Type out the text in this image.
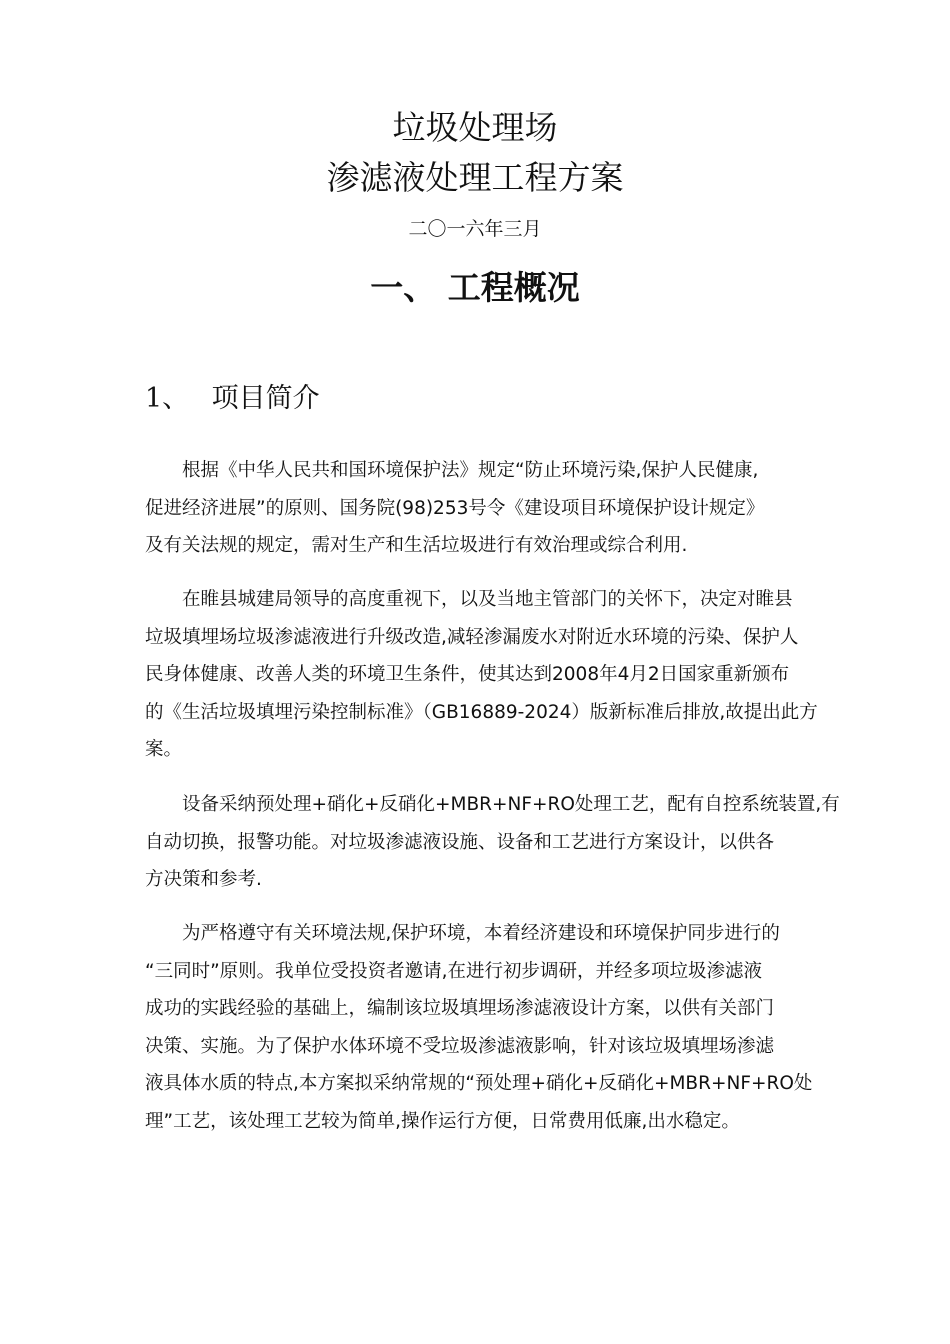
垃圾处理场
渗滤液处理工程方案
二〇一六年三月
一、 工程概况
1、 项目简介
根据《中华人民共和国环境保护法》规定“防止环境污染,保护人民健康,
促进经济进展”的原则、国务院(98)253号令《建设项目环境保护设计规定》
及有关法规的规定，需对生产和生活垃圾进行有效治理或综合利用.
在睢县城建局领导的高度重视下，以及当地主管部门的关怀下，决定对睢县
垃圾填埋场垃圾渗滤液进行升级改造,减轻渗漏废水对附近水环境的污染、保护人
民身体健康、改善人类的环境卫生条件，使其达到2008年4月2日国家重新颁布
的《生活垃圾填埋污染控制标准》（GB16889-2024）版新标准后排放,故提出此方
案。
设备采纳预处理+硝化+反硝化+MBR+NF+RO处理工艺，配有自控系统装置,有
自动切换，报警功能。对垃圾渗滤液设施、设备和工艺进行方案设计，以供各
方决策和参考.
为严格遵守有关环境法规,保护环境，本着经济建设和环境保护同步进行的
“三同时”原则。我单位受投资者邀请,在进行初步调研，并经多项垃圾渗滤液
成功的实践经验的基础上，编制该垃圾填埋场渗滤液设计方案，以供有关部门
决策、实施。为了保护水体环境不受垃圾渗滤液影响，针对该垃圾填埋场渗滤
液具体水质的特点,本方案拟采纳常规的“预处理+硝化+反硝化+MBR+NF+RO处
理”工艺，该处理工艺较为简单,操作运行方便，日常费用低廉,出水稳定。
